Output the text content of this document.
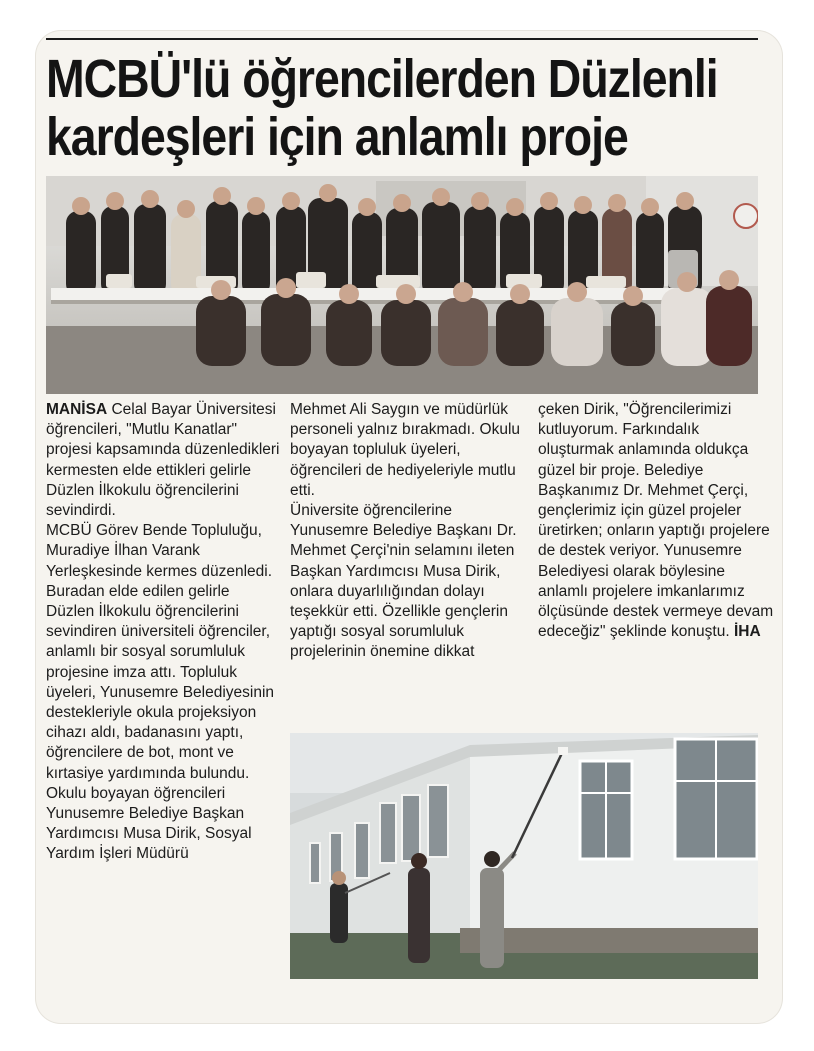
MCBÜ'lü öğrencilerden Düzlenli
kardeşleri için anlamlı proje
MANİSA Celal Bayar Üniversitesi öğrencileri, "Mutlu Kanatlar" projesi kapsamında düzenledikleri kermesten elde ettikleri gelirle Düzlen İlkokulu öğrencilerini sevindirdi.
MCBÜ Görev Bende Topluluğu, Muradiye İlhan Varank Yerleşkesinde kermes düzenledi. Buradan elde edilen gelirle Düzlen İlkokulu öğrencilerini sevindiren üniversiteli öğrenciler, anlamlı bir sosyal sorumluluk projesine imza attı. Topluluk üyeleri, Yunusemre Belediyesinin destekleriyle okula projeksiyon cihazı aldı, badanasını yaptı, öğrencilere de bot, mont ve kırtasiye yardımında bulundu. Okulu boyayan öğrencileri Yunusemre Belediye Başkan Yardımcısı Musa Dirik, Sosyal Yardım İşleri Müdürü
Mehmet Ali Saygın ve müdürlük personeli yalnız bırakmadı. Okulu boyayan topluluk üyeleri, öğrencileri de hediyeleriyle mutlu etti.
Üniversite öğrencilerine Yunusemre Belediye Başkanı Dr. Mehmet Çerçi'nin selamını ileten Başkan Yardımcısı Musa Dirik, onlara duyarlılığından dolayı teşekkür etti. Özellikle gençlerin yaptığı sosyal sorumluluk projelerinin önemine dikkat
çeken Dirik, "Öğrencilerimizi kutluyorum. Farkındalık oluşturmak anlamında oldukça güzel bir proje. Belediye Başkanımız Dr. Mehmet Çerçi, gençlerimiz için güzel projeler üretirken; onların yaptığı projelere de destek veriyor. Yunusemre Belediyesi olarak böylesine anlamlı projelere imkanlarımız ölçüsünde destek vermeye devam edeceğiz" şeklinde konuştu. İHA
